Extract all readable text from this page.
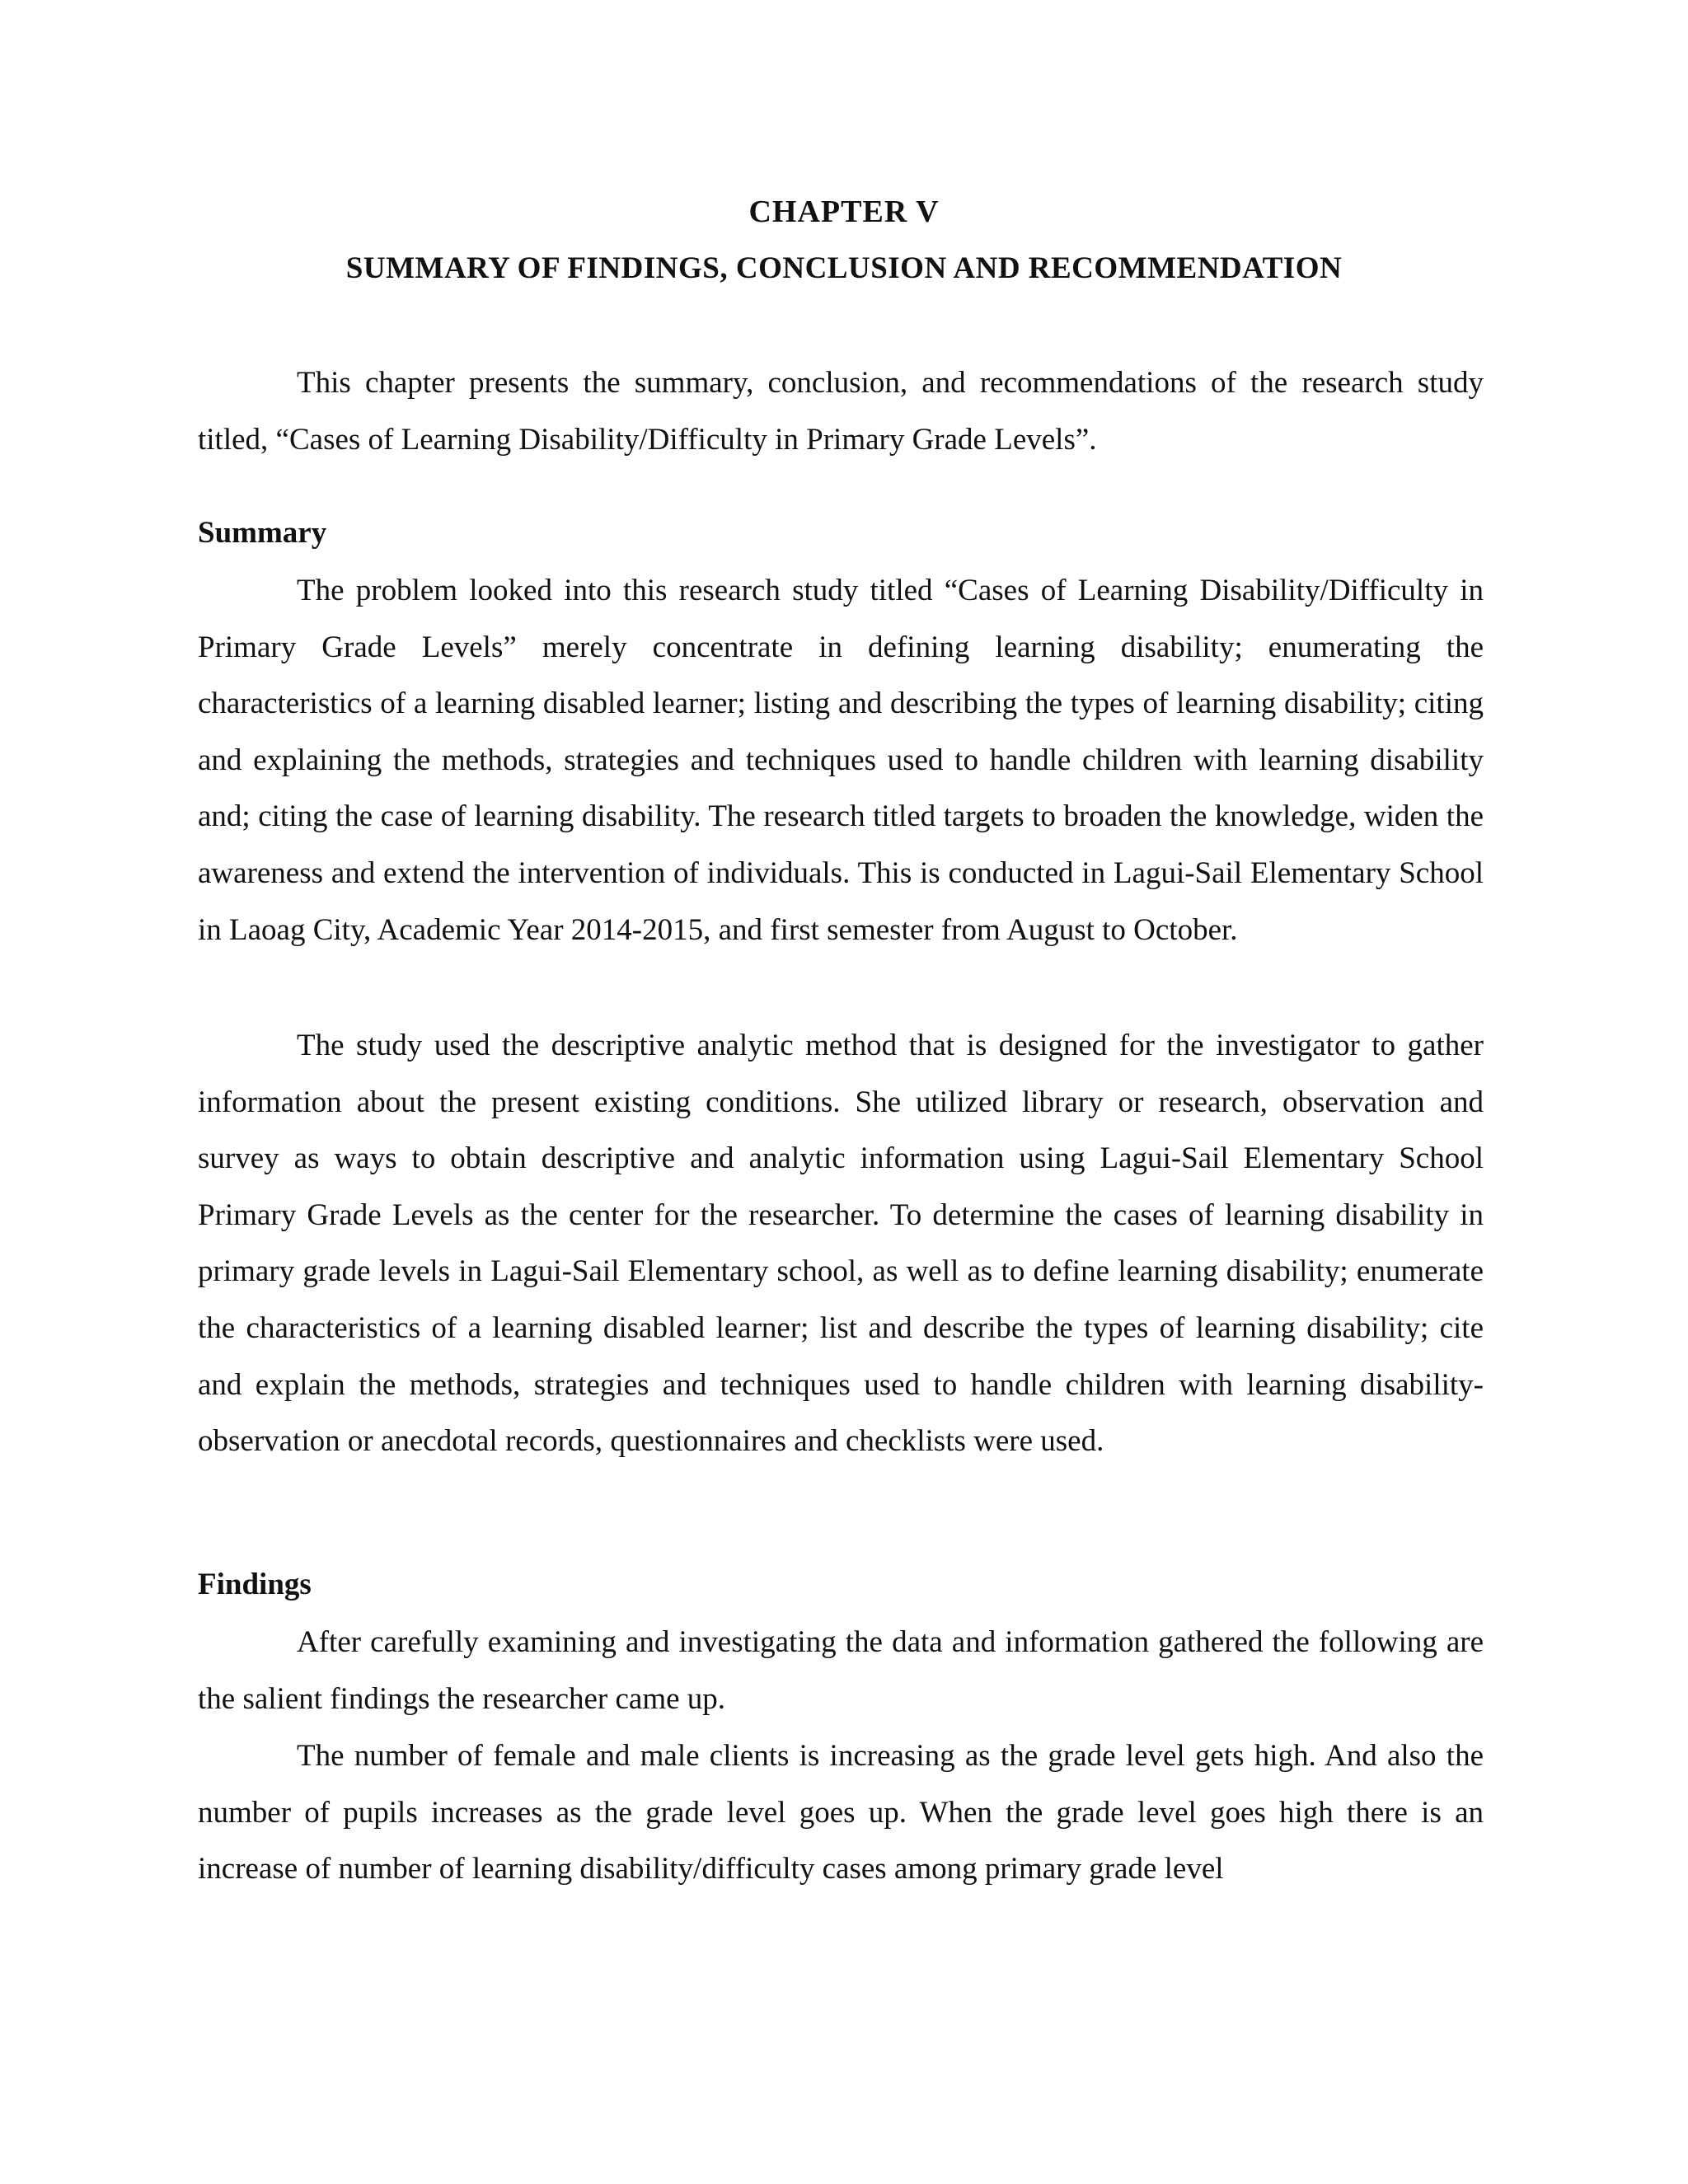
CHAPTER V
SUMMARY OF FINDINGS, CONCLUSION AND RECOMMENDATION

This chapter presents the summary, conclusion, and recommendations of the research study titled, “Cases of Learning Disability/Difficulty in Primary Grade Levels”.

Summary

The problem looked into this research study titled “Cases of Learning Disability/Difficulty in Primary Grade Levels” merely concentrate in defining learning disability; enumerating the characteristics of a learning disabled learner; listing and describing the types of learning disability; citing and explaining the methods, strategies and techniques used to handle children with learning disability and; citing the case of learning disability. The research titled targets to broaden the knowledge, widen the awareness and extend the intervention of individuals. This is conducted in Lagui-Sail Elementary School in Laoag City, Academic Year 2014-2015, and first semester from August to October.

The study used the descriptive analytic method that is designed for the investigator to gather information about the present existing conditions. She utilized library or research, observation and survey as ways to obtain descriptive and analytic information using Lagui-Sail Elementary School Primary Grade Levels as the center for the researcher. To determine the cases of learning disability in primary grade levels in Lagui-Sail Elementary school, as well as to define learning disability; enumerate the characteristics of a learning disabled learner; list and describe the types of learning disability; cite and explain the methods, strategies and techniques used to handle children with learning disability- observation or anecdotal records, questionnaires and checklists were used.

Findings

After carefully examining and investigating the data and information gathered the following are the salient findings the researcher came up.

The number of female and male clients is increasing as the grade level gets high. And also the number of pupils increases as the grade level goes up. When the grade level goes high there is an increase of number of learning disability/difficulty cases among primary grade level
